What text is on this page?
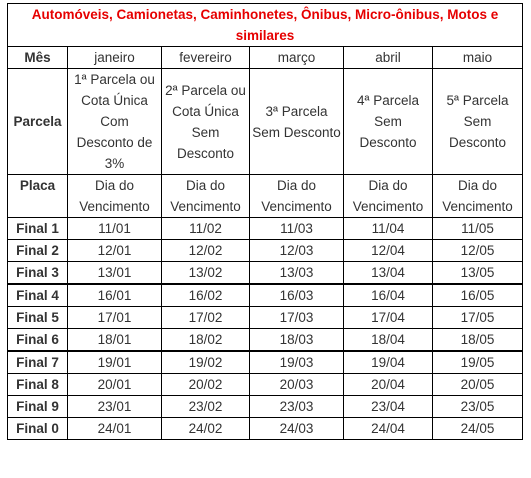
Automóveis, Camionetas, Caminhonetes, Ônibus, Micro-ônibus, Motos e similares					
Mês	janeiro	fevereiro	março	abril	maio
Parcela	1ª Parcela ou Cota Única Com Desconto de 3%	2ª Parcela ou Cota Única Sem Desconto	3ª Parcela Sem Desconto	4ª Parcela Sem Desconto	5ª Parcela Sem Desconto
Placa	Dia do Vencimento	Dia do Vencimento	Dia do Vencimento	Dia do Vencimento	Dia do Vencimento
Final 1	11/01	11/02	11/03	11/04	11/05
Final 2	12/01	12/02	12/03	12/04	12/05
Final 3	13/01	13/02	13/03	13/04	13/05
Final 4	16/01	16/02	16/03	16/04	16/05
Final 5	17/01	17/02	17/03	17/04	17/05
Final 6	18/01	18/02	18/03	18/04	18/05
Final 7	19/01	19/02	19/03	19/04	19/05
Final 8	20/01	20/02	20/03	20/04	20/05
Final 9	23/01	23/02	23/03	23/04	23/05
Final 0	24/01	24/02	24/03	24/04	24/05
